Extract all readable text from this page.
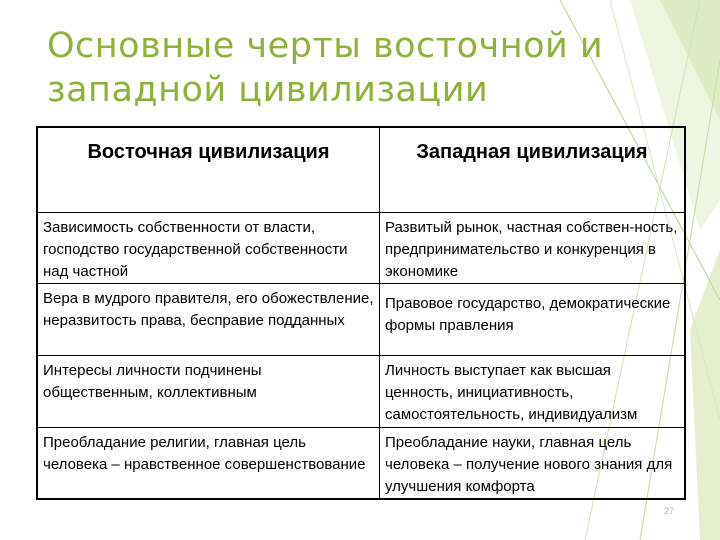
Основные черты восточной и западной цивилизации
Восточная цивилизация	Западная цивилизация
Зависимость собственности от власти, господство государственной собственности над частной	Развитый рынок, частная собствен-ность, предпринимательство и конкуренция в экономике
Вера в мудрого правителя, его обожествление, неразвитость права, бесправие подданных	Правовое государство, демократические формы правления
Интересы личности подчинены общественным, коллективным	Личность выступает как высшая ценность, инициативность, самостоятельность, индивидуализм
Преобладание религии, главная цель человека – нравственное совершенствование	Преобладание науки, главная цель человека – получение нового знания для улучшения комфорта
27
